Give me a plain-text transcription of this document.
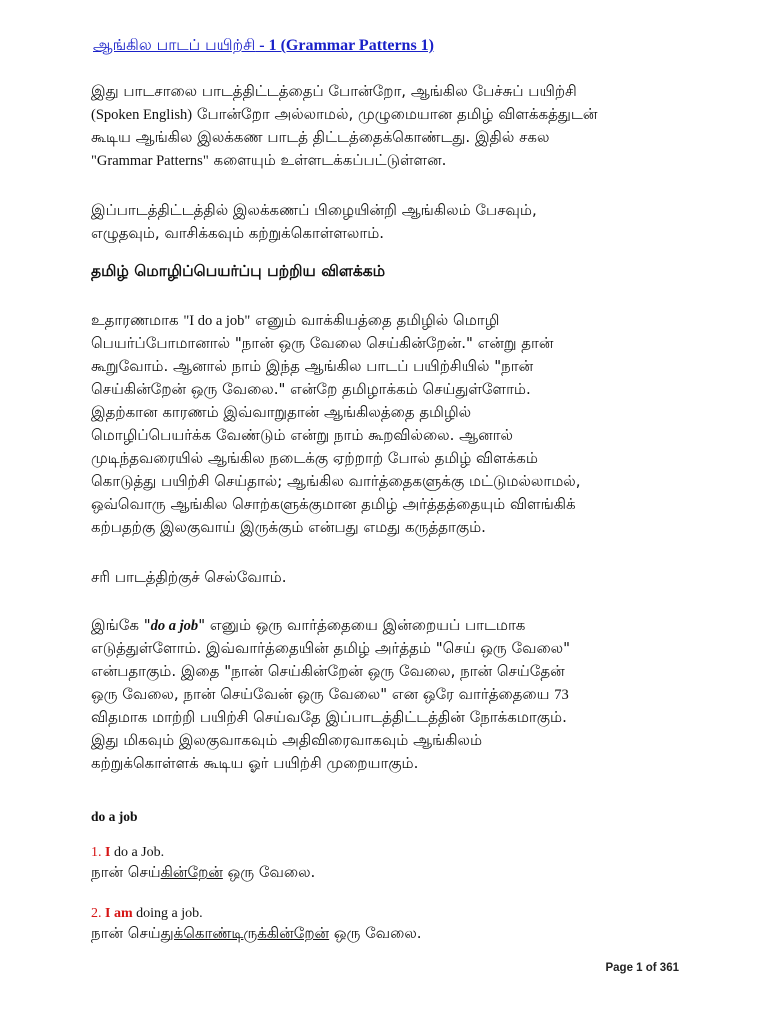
ஆங்கில பாடப் பயிற்சி - 1 (Grammar Patterns 1)

இது பாடசாலை பாடத்திட்டத்தைப் போன்றோ, ஆங்கில பேச்சுப் பயிற்சி

(Spoken English) போன்றோ அல்லாமல், முழுமையான தமிழ் விளக்கத்துடன்

கூடிய ஆங்கில இலக்கண பாடத் திட்டத்தைக்கொண்டது. இதில் சகல

"Grammar Patterns" களையும் உள்ளடக்கப்பட்டுள்ளன.

இப்பாடத்திட்டத்தில் இலக்கணப் பிழையின்றி ஆங்கிலம் பேசவும்,

எழுதவும், வாசிக்கவும் கற்றுக்கொள்ளலாம்.

தமிழ் மொழிப்பெயர்ப்பு பற்றிய விளக்கம்

உதாரணமாக "I do a job" எனும் வாக்கியத்தை தமிழில் மொழி

பெயர்ப்போமானால் "நான் ஒரு வேலை செய்கின்றேன்." என்று தான்

கூறுவோம். ஆனால் நாம் இந்த ஆங்கில பாடப் பயிற்சியில் "நான்

செய்கின்றேன் ஒரு வேலை." என்றே தமிழாக்கம் செய்துள்ளோம்.

இதற்கான காரணம் இவ்வாறுதான் ஆங்கிலத்தை தமிழில்

மொழிப்பெயர்க்க வேண்டும் என்று நாம் கூறவில்லை. ஆனால்

முடிந்தவரையில் ஆங்கில நடைக்கு ஏற்றாற் போல் தமிழ் விளக்கம்

கொடுத்து பயிற்சி செய்தால்; ஆங்கில வார்த்தைகளுக்கு மட்டுமல்லாமல்,

ஒவ்வொரு ஆங்கில சொற்களுக்குமான தமிழ் அர்த்தத்தையும் விளங்கிக்

கற்பதற்கு இலகுவாய் இருக்கும் என்பது எமது கருத்தாகும்.

சரி பாடத்திற்குச் செல்வோம்.

இங்கே "do a job" எனும் ஒரு வார்த்தையை இன்றையப் பாடமாக

எடுத்துள்ளோம். இவ்வார்த்தையின் தமிழ் அர்த்தம் "செய் ஒரு வேலை"

என்பதாகும். இதை "நான் செய்கின்றேன் ஒரு வேலை, நான் செய்தேன்

ஒரு வேலை, நான் செய்வேன் ஒரு வேலை" என ஒரே வார்த்தையை 73

விதமாக மாற்றி பயிற்சி செய்வதே இப்பாடத்திட்டத்தின் நோக்கமாகும்.

இது மிகவும் இலகுவாகவும் அதிவிரைவாகவும் ஆங்கிலம்

கற்றுக்கொள்ளக் கூடிய ஓர் பயிற்சி முறையாகும்.

do a job

1. I do a Job.

நான் செய்கின்றேன் ஒரு வேலை.

2. I am doing a job.

நான் செய்துக்கொண்டிருக்கின்றேன் ஒரு வேலை.

Page 1 of 361
